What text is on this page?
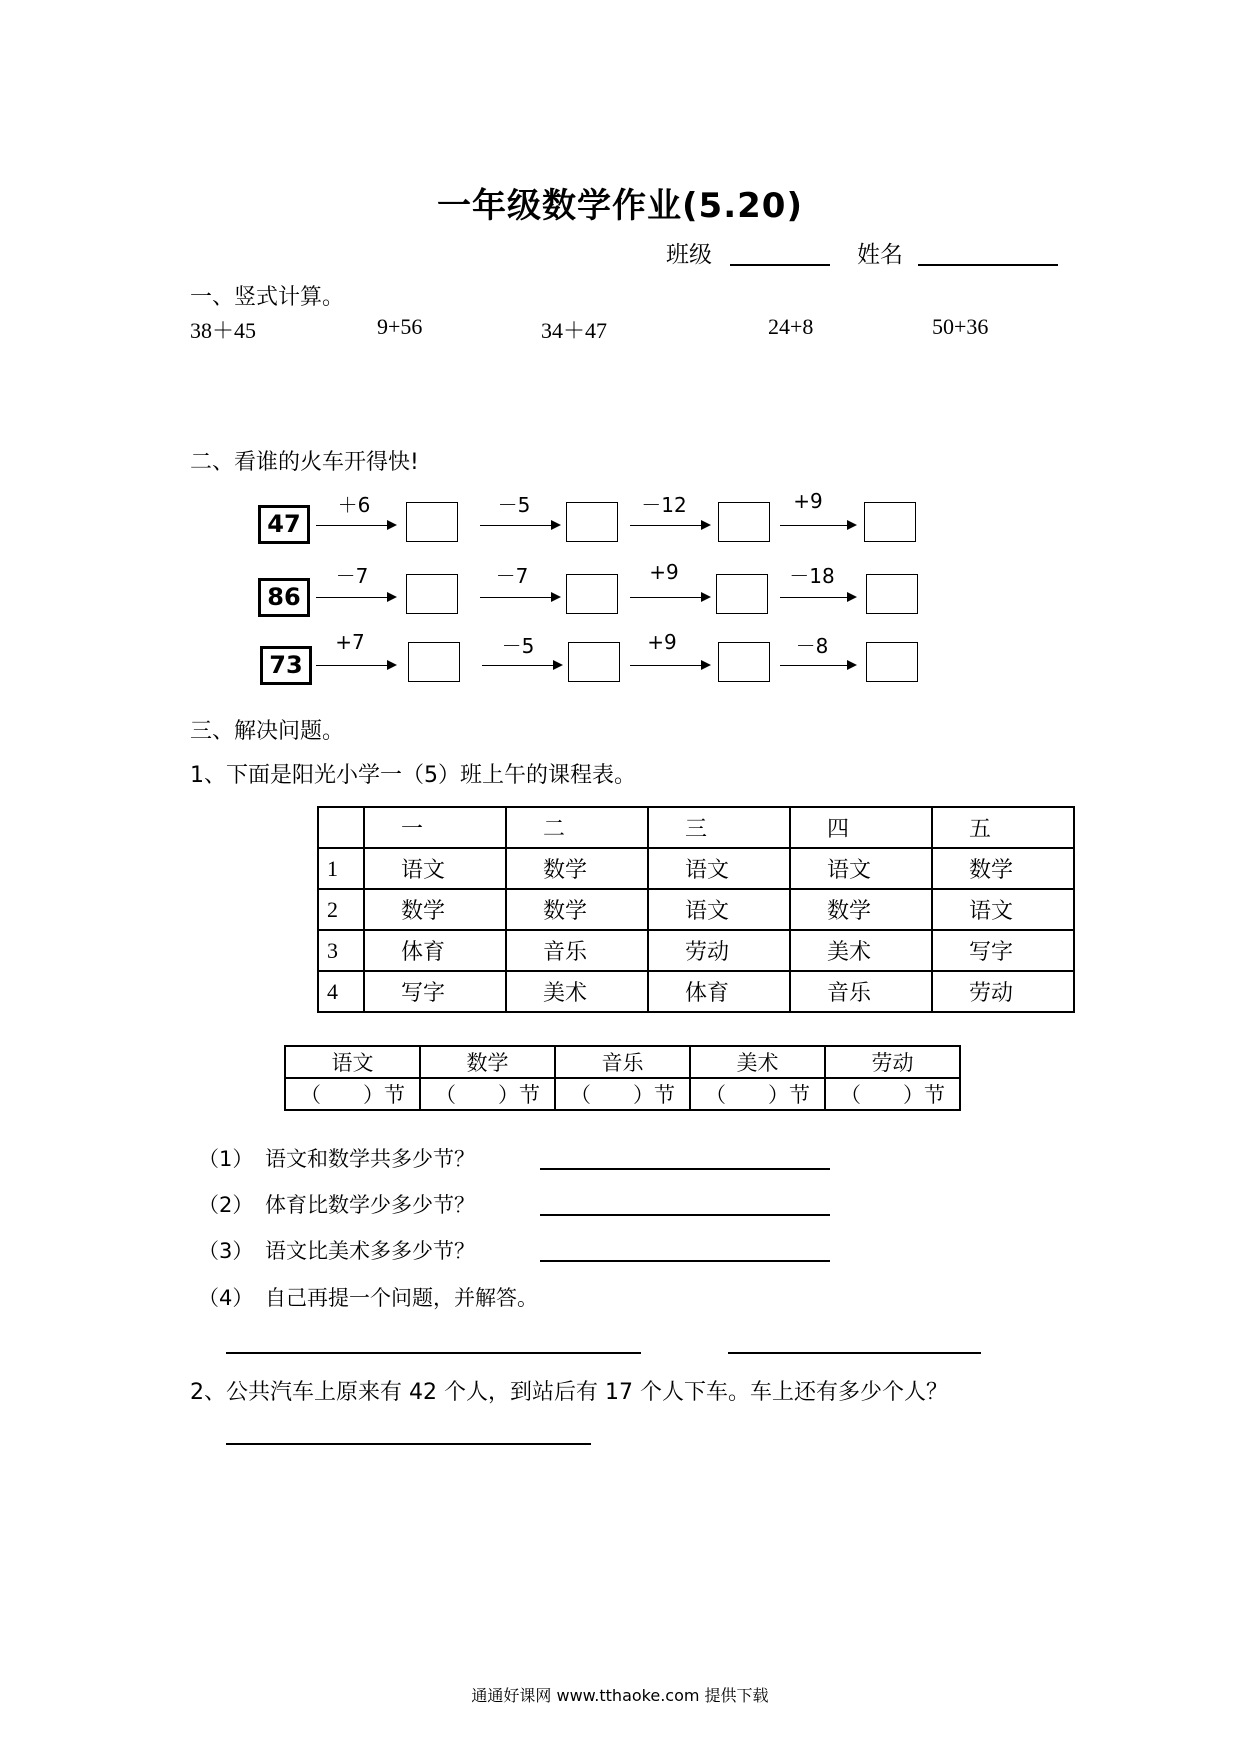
一年级数学作业(5.20)
班级	姓名
一、竖式计算。
38＋45	9+56	34＋47	24+8	50+36
二、看谁的火车开得快!
47
＋6	－5	－12	+9
86
－7	－7	+9	－18
73
+7	－5	+9	－8
三、解决问题。
1、下面是阳光小学一（5）班上午的课程表。
	一	二	三	四	五
1	语文	数学	语文	语文	数学
2	数学	数学	语文	数学	语文
3	体育	音乐	劳动	美术	写字
4	写字	美术	体育	音乐	劳动
语文	数学	音乐	美术	劳动
（　　）节	（　　）节	（　　）节	（　　）节	（　　）节
（1） 语文和数学共多少节？
（2） 体育比数学少多少节？
（3） 语文比美术多多少节？
（4） 自己再提一个问题，并解答。
2、公共汽车上原来有 42 个人，到站后有 17 个人下车。车上还有多少个人？
通通好课网 www.tthaoke.com 提供下载
